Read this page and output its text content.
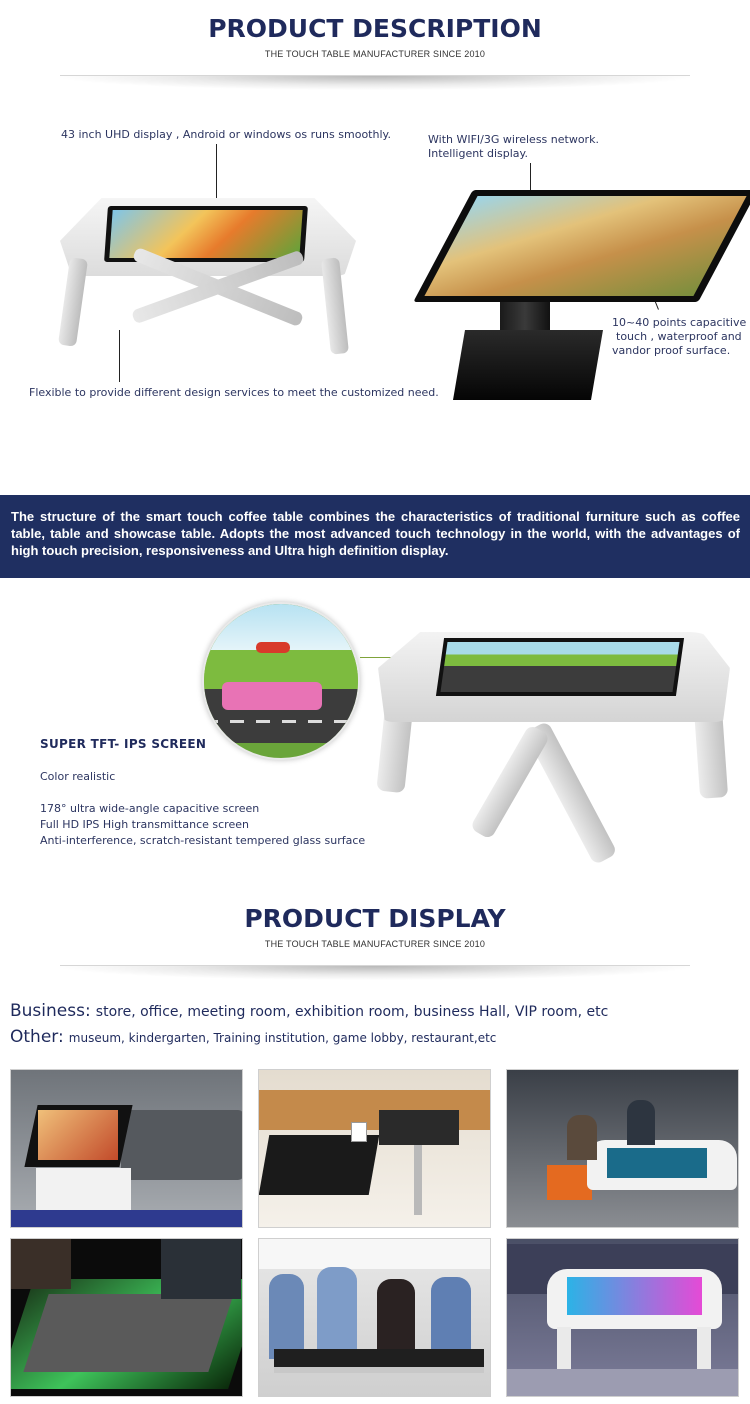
PRODUCT DESCRIPTION
THE TOUCH TABLE MANUFACTURER SINCE 2010
43 inch UHD display , Android or windows os runs smoothly.	With WIFI/3G wireless network.
Intelligent display.
10~40 points capacitive
touch , waterproof and
vandor proof surface.
Flexible to provide different design services to meet the customized need.
The structure of the smart touch coffee table combines the characteristics of traditional furniture such as coffee table, table and showcase table. Adopts the most advanced touch technology in the world, with the advantages of high touch precision, responsiveness and Ultra high definition display.
SUPER TFT- IPS SCREEN
Color realistic
178° ultra wide-angle capacitive screen
Full HD IPS High transmittance screen
Anti-interference, scratch-resistant tempered glass surface
PRODUCT DISPLAY
THE TOUCH TABLE MANUFACTURER SINCE 2010
Business: store, office, meeting room, exhibition room, business Hall, VIP room, etc
Other: museum, kindergarten, Training institution, game lobby, restaurant,etc
